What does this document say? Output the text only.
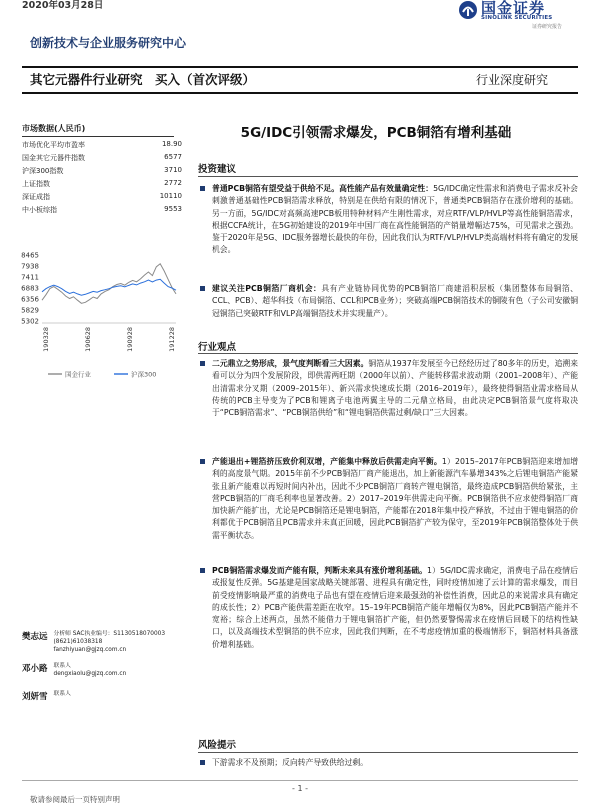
2020年03月28日	国金证券
SINOLINK SECURITIES
证券研究报告
创新技术与企业服务研究中心
其它元器件行业研究　买入（首次评级）	行业深度研究
市场数据(人民币)
市场优化平均市盈率	18.90
国金其它元器件指数	6577
沪深300指数	3710
上证指数	2772
深证成指	10110
中小板综指	9553
8465
7938
7411
6883
6356
5829
5302
190328	190628	190928	191228
国金行业	沪深300
5G/IDC引领需求爆发，PCB铜箔有增利基础
投资建议
普通PCB铜箔有望受益于供给不足。高性能产品有效量确定性：5G/IDC确定性需求和消费电子需求反补会刺激普通基础性PCB铜箔需求释放，特别是在供给有限的情况下，普通类PCB铜箔存在涨价增利的基础。另一方面，5G/IDC对高频高速PCB板用特种材料产生刚性需求，对应RTF/VLP/HVLP等高性能铜箔需求，根据CCFA统计，在5G初始建设的2019年中国厂商在高性能铜箔的产销量增幅达75%，可见需求之强劲。鉴于2020年是5G、IDC服务器增长最快的年份，因此我们认为RTF/VLP/HVLP类高端材料将有确定的发展机会。
建议关注PCB铜箔厂商机会：具有产业链协同优势的PCB铜箔厂商建滔积层板（集团整体布局铜箔、CCL、PCB）、超华科技（布局铜箔、CCL和PCB业务）；突破高端PCB铜箔技术的铜陵有色（子公司安徽铜冠铜箔已突破RTF和VLP高端铜箔技术并实现量产）。
行业观点
二元鼎立之势形成，景气度判断看三大因素。铜箔从1937年发展至今已经经历过了80多年的历史，追溯来看可以分为四个发展阶段，即供需两旺期（2000年以前）、产能转移需求波动期（2001–2008年）、产能出清需求分叉期（2009–2015年）、新兴需求快速成长期（2016–2019年），最终使得铜箔业需求格局从传统的PCB主导变为了PCB和锂离子电池两翼主导的二元鼎立格局，由此决定PCB铜箔景气度将取决于“PCB铜箔需求”、“PCB铜箔供给”和“锂电铜箔供需过剩/缺口”三大因素。
产能退出+锂箔挤压致价利双增，产能集中释放后供需走向平衡。1）2015–2017年PCB铜箔迎来增加增利的高度景气期。2015年前不少PCB铜箔厂商产能退出，加上新能源汽车暴增343%之后锂电铜箔产能紧张且新产能难以再短时间内补出，因此不少PCB铜箔厂商转产锂电铜箔，最终造成PCB铜箔供给紧张，主营PCB铜箔的厂商毛利率也显著改善。2）2017–2019年供需走向平衡。PCB铜箔供不应求使得铜箔厂商加快新产能扩出，尤论是PCB铜箔还是锂电铜箔，产能都在2018年集中投产释放，不过由于锂电铜箔的价利都优于PCB铜箔且PCB需求并未真正回暖，因此PCB铜箔扩产较为保守，至2019年PCB铜箔整体处于供需平衡状态。
PCB铜箔需求爆发而产能有限，判断未来具有涨价增利基础。1）5G/IDC需求确定，消费电子品在疫情后或报复性反弹。5G基建是国家战略关键部署、进程具有确定性，同时疫情加速了云计算的需求爆发，而目前受疫情影响最严重的消费电子品也有望在疫情后迎来最强劲的补偿性消费，因此总的来说需求具有确定的成长性；2）PCB产能供需差距在收窄。15–19年PCB铜箔产能年增幅仅为8%，因此PCB铜箔产能并不宽裕；综合上述两点，虽然不能借力于锂电铜箔扩产能，但仍然要警惕需求在疫情后回暖下的结构性缺口，以及高端技术型铜箔的供不应求，因此我们判断，在不考虑疫情加重的极端情形下，铜箔材料具备涨价增利基础。
风险提示
下游需求不及预期；反向转产导致供给过剩。
樊志远 分析师 SAC执业编号：S1130518070003
(8621)61038318
fanzhiyuan@gjzq.com.cn
邓小路 联系人
dengxiaolu@gjzq.com.cn
刘妍雪 联系人
- 1 -
敬请参阅最后一页特别声明
